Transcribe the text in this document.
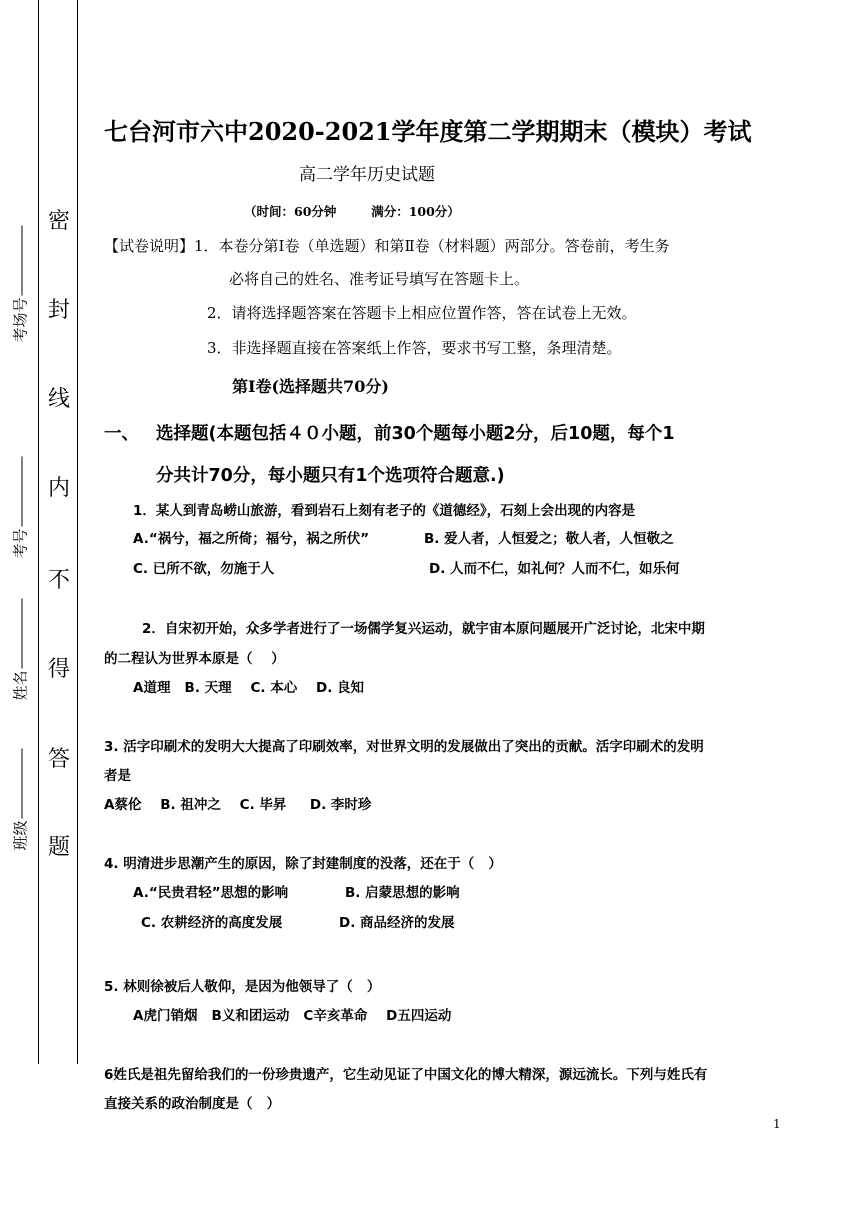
密
封
线
内
不
得
答
题
考场号
考号
姓名
班级
七台河市六中2020-2021学年度第二学期期末（模块）考试
高二学年历史试题
（时间：60分钟        满分：100分）
【试卷说明】1．本卷分第Ⅰ卷（单选题）和第Ⅱ卷（材料题）两部分。答卷前，考生务
必将自己的姓名、准考证号填写在答题卡上。
2．请将选择题答案在答题卡上相应位置作答，答在试卷上无效。
3．非选择题直接在答案纸上作答，要求书写工整，条理清楚。
第Ⅰ卷(选择题共70分)
一、 选择题(本题包括４０小题，前30个题每小题2分，后10题，每个1
分共计70分，每小题只有1个选项符合题意.)
1．某人到青岛崂山旅游，看到岩石上刻有老子的《道德经》，石刻上会出现的内容是
A.“祸兮，福之所倚；福兮，祸之所伏”	B. 爱人者，人恒爱之；敬人者，人恒敬之
C. 已所不欲，勿施于人	D. 人而不仁，如礼何？人而不仁，如乐何
2．自宋初开始，众多学者进行了一场儒学复兴运动，就宇宙本原问题展开广泛讨论，北宋中期
的二程认为世界本原是（    ）
A道理   B. 天理    C. 本心    D. 良知
3. 活字印刷术的发明大大提高了印刷效率，对世界文明的发展做出了突出的贡献。活字印刷术的发明
者是
A蔡伦    B. 祖冲之    C. 毕昇     D. 李时珍
4. 明清进步思潮产生的原因，除了封建制度的没落，还在于（   ）
A.“民贵君轻”思想的影响	B. 启蒙思想的影响
C. 农耕经济的高度发展	D. 商品经济的发展
5. 林则徐被后人敬仰，是因为他领导了（   ）
A虎门销烟   B义和团运动   C辛亥革命    D五四运动
6姓氏是祖先留给我们的一份珍贵遗产，它生动见证了中国文化的博大精深，源远流长。下列与姓氏有
直接关系的政治制度是（   ）
1
